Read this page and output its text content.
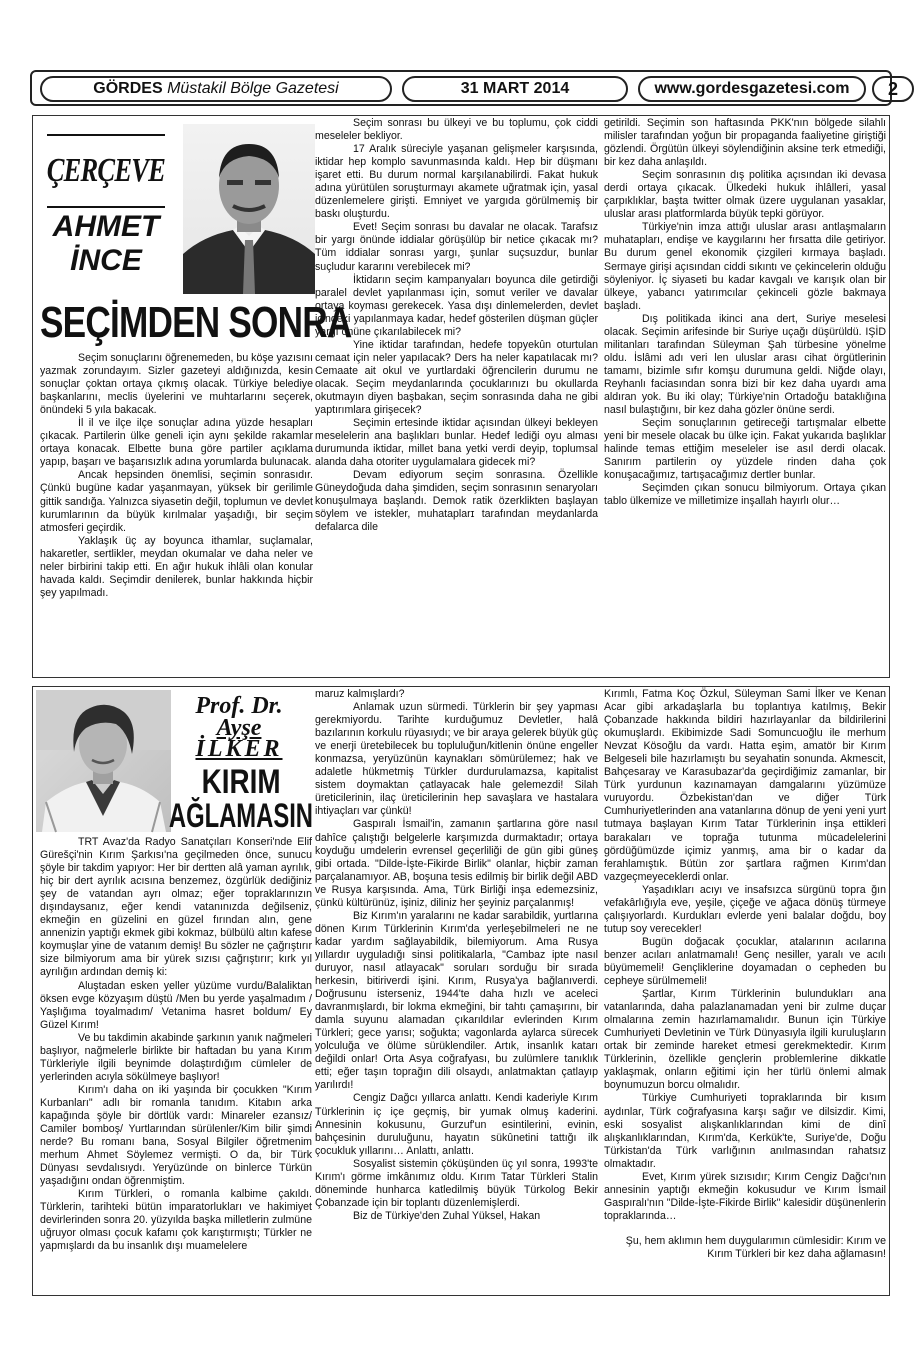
GÖRDES
Müstakil Bölge Gazetesi	31 MART 2014	www.gordesgazetesi.com 2
ÇERÇEVE
AHMET
İNCE
SEÇİMDEN SONRA

Seçim sonuçlarını öğrenemeden, bu köşe yazısını yazmak zorundayım. Sizler gazeteyi aldığınızda, kesin sonuçlar çoktan ortaya çıkmış olacak. Türkiye belediye başkanlarını, meclis üyelerini ve muhtarlarını seçerek, önündeki 5 yıla bakacak.

İl il ve ilçe ilçe sonuçlar adına yüzde hesapları çıkacak. Partilerin ülke geneli için aynı şekilde rakamlar ortaya konacak. Elbette buna göre partiler açıklama yapıp, başarı ve başarısızlık adına yorumlarda bulunacak.

Ancak hepsinden önemlisi, seçimin sonrasıdır. Çünkü bugüne kadar yaşanmayan, yüksek bir gerilimle gittik sandığa. Yalnızca siyasetin değil, toplumun ve devlet kurumlarının da büyük kırılmalar yaşadığı, bir seçim atmosferi geçirdik.

Yaklaşık üç ay boyunca ithamlar, suçlamalar, hakaretler, sertlikler, meydan okumalar ve daha neler ve neler birbirini takip etti. En ağır hukuk ihlâli olan konular havada kaldı. Seçimdir denilerek, bunlar hakkında hiçbir şey yapılmadı.

Seçim sonrası bu ülkeyi ve bu toplumu, çok ciddi meseleler bekliyor.

17 Aralık süreciyle yaşanan gelişmeler karşısında, iktidar hep komplo savunmasında kaldı. Hep bir düşmanı işaret etti. Bu durum normal karşılanabilirdi. Fakat hukuk adına yürütülen soruşturmayı akamete uğratmak için, yasal düzenlemelere girişti. Emniyet ve yargıda görülmemiş bir baskı oluşturdu.

Evet! Seçim sonrası bu davalar ne olacak. Tarafsız bir yargı önünde iddialar görüşülüp bir netice çıkacak mı? Tüm iddialar sonrası yargı, şunlar suçsuzdur, bunlar suçludur kararını verebilecek mi?

İktidarın seçim kampanyaları boyunca dile getirdiği paralel devlet yapılanması için, somut veriler ve davalar ortaya koyması gerekecek. Yasa dışı dinlemelerden, devlet içindeki yapılanmaya kadar, hedef gösterilen düşman güçler yargı önüne çıkarılabilecek mi?

Yine iktidar tarafından, hedefe topyekûn oturtulan cemaat için neler yapılacak? Ders ha neler kapatılacak mı? Cemaate ait okul ve yurtlardaki öğrencilerin durumu ne olacak. Seçim meydanlarında çocuklarınızı bu okullarda okutmayın diyen başbakan, seçim sonrasında daha ne gibi yaptırımlara girişecek?

Seçimin ertesinde iktidar açısından ülkeyi bekleyen meselelerin ana başlıkları bunlar. Hedef lediği oyu alması durumunda iktidar, millet bana yetki verdi deyip, toplumsal alanda daha otoriter uygulamalara gidecek mi?

Devam ediyorum seçim sonrasına. Özellikle Güneydoğuda daha şimdiden, seçim sonrasının senaryoları konuşulmaya başlandı. Demok ratik özerklikten başlayan söylem ve istekler, muhataplarɪ tarafından meydanlarda defalarca dile

getirildi. Seçimin son haftasında PKK'nın bölgede silahlı milisler tarafından yoğun bir propaganda faaliyetine giriştiği gözlendi. Örgütün ülkeyi söylendiğinin aksine terk etmediği, bir kez daha anlaşıldı.

Seçim sonrasının dış politika açısından iki devasa derdi ortaya çıkacak. Ülkedeki hukuk ihlâlleri, yasal çarpıklıklar, başta twitter olmak üzere uygulanan yasaklar, uluslar arası platformlarda büyük tepki görüyor.

Türkiye'nin imza attığı uluslar arası antlaşmaların muhatapları, endişe ve kaygılarını her fırsatta dile getiriyor. Bu durum genel ekonomik çizgileri kırmaya başladı. Sermaye girişi açısından ciddi sıkıntı ve çekincelerin olduğu söyleniyor. İç siyaseti bu kadar kavgalı ve karışık olan bir ülkeye, yabancı yatırımcılar çekinceli gözle bakmaya başladı.

Dış politikada ikinci ana dert, Suriye meselesi olacak. Seçimin arifesinde bir Suriye uçağı düşürüldü. IŞİD militanları tarafından Süleyman Şah türbesine yönelme oldu. İslâmi adı veri len uluslar arası cihat örgütlerinin tamamı, bizimle sıfır komşu durumuna geldi. Niğde olayı, Reyhanlı faciasından sonra bizi bir kez daha uyardı ama aldıran yok. Bu iki olay; Türkiye'nin Ortadoğu bataklığına nasıl bulaştığını, bir kez daha gözler önüne serdi.

Seçim sonuçlarının getireceği tartışmalar elbette yeni bir mesele olacak bu ülke için. Fakat yukarıda başlıklar halinde temas ettiğim meseleler ise asıl derdi olacak. Sanırım partilerin oy yüzdele rinden daha çok konuşacağımız, tartışacağımız dertler bunlar.

Seçimden çıkan sonucu bilmiyorum. Ortaya çıkan tablo ülkemize ve milletimize inşallah hayırlı olur…

Prof. Dr.
Ayşe
İLKER
KIRIM
AĞLAMASIN

TRT Avaz'da Radyo Sanatçıları Konseri'nde Elif Gürešçi'nin Kırım Şarkısı'na geçilmeden önce, sunucu şöyle bir takdim yapıyor: Her bir dertten alâ yaman ayrılık, hiç bir dert ayrılık acısına benzemez, özgürlük dediğiniz şey de vatandan ayrı olmaz; eğer topraklarınızın dışındaysanız, eğer kendi vatanınızda değilseniz, ekmeğin en güzelini en güzel fırından alın, gene annenizin yaptığı ekmek gibi kokmaz, bülbülü altın kafese koymuşlar yine de vatanım demiş! Bu sözler ne çağrıştırır size bilmiyorum ama bir yürek sızısı çağrıştırır; kırk yıl ayrılığın ardından demiş ki:

Aluştadan esken yeller yüzüme vurdu/Balaliktan öksen evge közyaşım düştü /Men bu yerde yaşalmadım / Yaşlığıma toyalmadım/ Vetanima hasret boldum/ Ey Güzel Kırım!

Ve bu takdimin akabinde şarkının yanık nağmeleri başlıyor, nağmelerle birlikte bir haftadan bu yana Kırım Türkleriyle ilgili beynimde dolaştırdığım cümleler de yerlerinden acıyla sökülmeye başlıyor!

Kırım'ı daha on iki yaşında bir çocukken "Kırım Kurbanları" adlı bir romanla tanıdım. Kitabın arka kapağında şöyle bir dörtlük vardı: Minareler ezansız/ Camiler bomboş/ Yurtlarından sürülenler/Kim bilir şimdi nerde? Bu romanı bana, Sosyal Bilgiler öğretmenim merhum Ahmet Söylemez vermişti. O da, bir Türk Dünyası sevdalısıydı. Yeryüzünde on binlerce Türkün yaşadığını ondan öğrenmiştim.

Kırım Türkleri, o romanla kalbime çakıldı. Türklerin, tarihteki bütün imparatorlukları ve hakimiyet devirlerinden sonra 20. yüzyılda başka milletlerin zulmüne uğruyor olması çocuk kafamı çok karıştırmıştı; Türkler ne yapmışlardı da bu insanlık dışı muamelelere

maruz kalmışlardı?

Anlamak uzun sürmedi. Türklerin bir şey yapması gerekmiyordu. Tarihte kurduğumuz Devletler, halâ bazılarının korkulu rüyasıydı; ve bir araya gelerek büyük güç ve enerji üretebilecek bu topluluğun/kitlenin önüne engeller konmazsa, yeryüzünün kaynakları sömürülemez; hak ve adaletle hükmetmiş Türkler durdurulamazsa, kapitalist sistem doymaktan çatlayacak hale gelemezdi! Silah üreticilerinin, ilaç üreticilerinin hep savaşlara ve hastalara ihtiyaçları var çünkü!

Gaspıralı İsmail'in, zamanın şartlarına göre nasıl dahîce çalıştığı belgelerle karşımızda durmaktadır; ortaya koyduğu umdelerin evrensel geçerliliği de gün gibi güneş gibi ortada. "Dilde-İşte-Fikirde Birlik" olanlar, hiçbir zaman parçalanamıyor. AB, boşuna tesis edilmiş bir birlik değil ABD ve Rusya karşısında. Ama, Türk Birliği inşa edemezsiniz, çünkü kültürünüz, işiniz, diliniz her şeyiniz parçalanmış!

Biz Kırım'ın yaralarını ne kadar sarabildik, yurtlarına dönen Kırım Türklerinin Kırım'da yerleşebilmeleri ne ne kadar yardım sağlayabildik, bilemiyorum. Ama Rusya yıllardır uyguladığı sinsi politikalarla, "Cambaz ipte nasıl duruyor, nasıl atlayacak" soruları sorduğu bir sırada herkesin, bitiriverdi işini. Kırım, Rusya'ya bağlanıverdi. Doğrusunu isterseniz, 1944'te daha hızlı ve aceleci davranmışlardı, bir lokma ekmeğini, bir tahtı çamaşırını, bir damla suyunu alamadan çıkarıldılar evlerinden Kırım Türkleri; gece yarısı; soğukta; vagonlarda aylarca sürecek yolculuğa ve ölüme sürüklendiler. Artık, insanlık katarı değildi onlar! Orta Asya coğrafyası, bu zulümlere tanıklık etti; eğer taşın toprağın dili olsaydı, anlatmaktan çatlayıp yarılırdı!

Cengiz Dağcı yıllarca anlattı. Kendi kaderiyle Kırım Türklerinin iç içe geçmiş, bir yumak olmuş kaderini. Annesinin kokusunu, Gurzuf'un esintilerini, evinin, bahçesinin duruluğunu, hayatın sükûnetini tattığı ilk çocukluk yıllarını… Anlattı, anlattı.

Sosyalist sistemin çöküşünden üç yıl sonra, 1993'te Kırım'ı görme imkânımız oldu. Kırım Tatar Türkleri Stalin döneminde hunharca katledilmiş büyük Türkolog Bekir Çobanzade için bir toplantı düzenlemişlerdi.

Biz de Türkiye'den Zuhal Yüksel, Hakan

Kırımlı, Fatma Koç Özkul, Süleyman Sami İlker ve Kenan Acar gibi arkadaşlarla bu toplantıya katılmış, Bekir Çobanzade hakkında bildiri hazırlayanlar da bildirilerini okumuşlardı. Ekibimizde Sadi Somuncuoğlu ile merhum Nevzat Kösoğlu da vardı. Hatta eşim, amatör bir Kırım Belgeseli bile hazırlamıştı bu seyahatin sonunda. Akmescit, Bahçesaray ve Karasubazar'da geçirdiğimiz zamanlar, bir Türk yurdunun kazınamayan damgalarını yüzümüze vuruyordu. Özbekistan'dan ve diğer Türk Cumhuriyetlerinden ana vatanlarına dönup de yeni yeni yurt tutmaya başlayan Kırım Tatar Türklerinin inşa ettikleri barakaları ve toprağa tutunma mücadelelerini gördüğümüzde içimiz yanmış, ama bir o kadar da ferahlamıştık. Bütün zor şartlara rağmen Kırım'dan vazgeçmeyeceklerdi onlar.

Yaşadıkları acıyı ve insafsızca sürgünü topra ğın vefakârlığıyla eve, yeşile, çiçeğe ve ağaca dönüş türmeye çalışıyorlardı. Kurdukları evlerde yeni balalar doğdu, boy tutup soy verecekler!

Bugün doğacak çocuklar, atalarının acılarına benzer acıları anlatmamalı! Genç nesiller, yaralı ve acılı büyümemeli! Gençliklerine doyamadan o cepheden bu cepheye sürülmemeli!

Şartlar, Kırım Türklerinin bulundukları ana vatanlarında, daha palazlanamadan yeni bir zulme duçar olmalarına zemin hazırlamamalıdır. Bunun için Türkiye Cumhuriyeti Devletinin ve Türk Dünyasıyla ilgili kuruluşların ortak bir zeminde hareket etmesi gerekmektedir. Kırım Türklerinin, özellikle gençlerin problemlerine dikkatle yaklaşmak, onların eğitimi için her türlü önlemi almak boynumuzun borcu olmalıdır.

Türkiye Cumhuriyeti topraklarında bir kısım aydınlar, Türk coğrafyasına karşı sağır ve dilsizdir. Kimi, eski sosyalist alışkanlıklarından kimi de dinî alışkanlıklarından, Kırım'da, Kerkük'te, Suriye'de, Doğu Türkistan'da Türk varlığının anılmasından rahatsız olmaktadır.

Evet, Kırım yürek sızısıdır; Kırım Cengiz Dağcı'nın annesinin yaptığı ekmeğin kokusudur ve Kırım İsmail Gaspıralı'nın "Dilde-İşte-Fikirde Birlik" kalesidir düşünenlerin topraklarında…

Şu, hem aklımın hem duygularımın cümlesidir: Kırım ve Kırım Türkleri bir kez daha ağlamasın!
